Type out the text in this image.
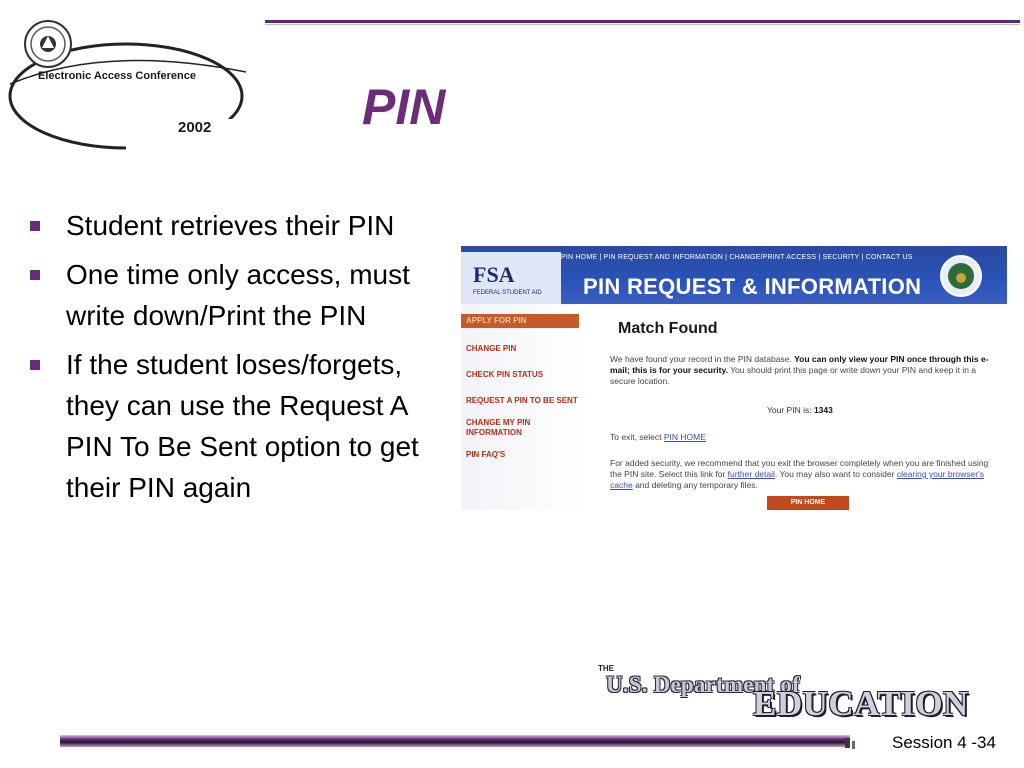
Electronic Access Conference
2002	PIN
Student retrieves their PIN
One time only access, must write down/Print the PIN
If the student loses/forgets, they can use the Request A PIN To Be Sent option to get their PIN again
PIN HOME | PIN REQUEST AND INFORMATION | CHANGE/PRINT ACCESS | SECURITY | CONTACT US
FSA
FEDERAL STUDENT AID PIN REQUEST & INFORMATION
APPLY FOR PIN
CHANGE PIN
CHECK PIN STATUS
REQUEST A PIN TO BE SENT
CHANGE MY PIN INFORMATION
PIN FAQ'S
Match Found
We have found your record in the PIN database. You can only view your PIN once through this e-mail; this is for your security. You should print this page or write down your PIN and keep it in a secure location.
Your PIN is: 1343
To exit, select PIN HOME
For added security, we recommend that you exit the browser completely when you are finished using the PIN site. Select this link for further detail. You may also want to consider clearing your browser's cache and deleting any temporary files.
PIN HOME
THE
U.S. Department of
EDUCATION
Session 4 -34
